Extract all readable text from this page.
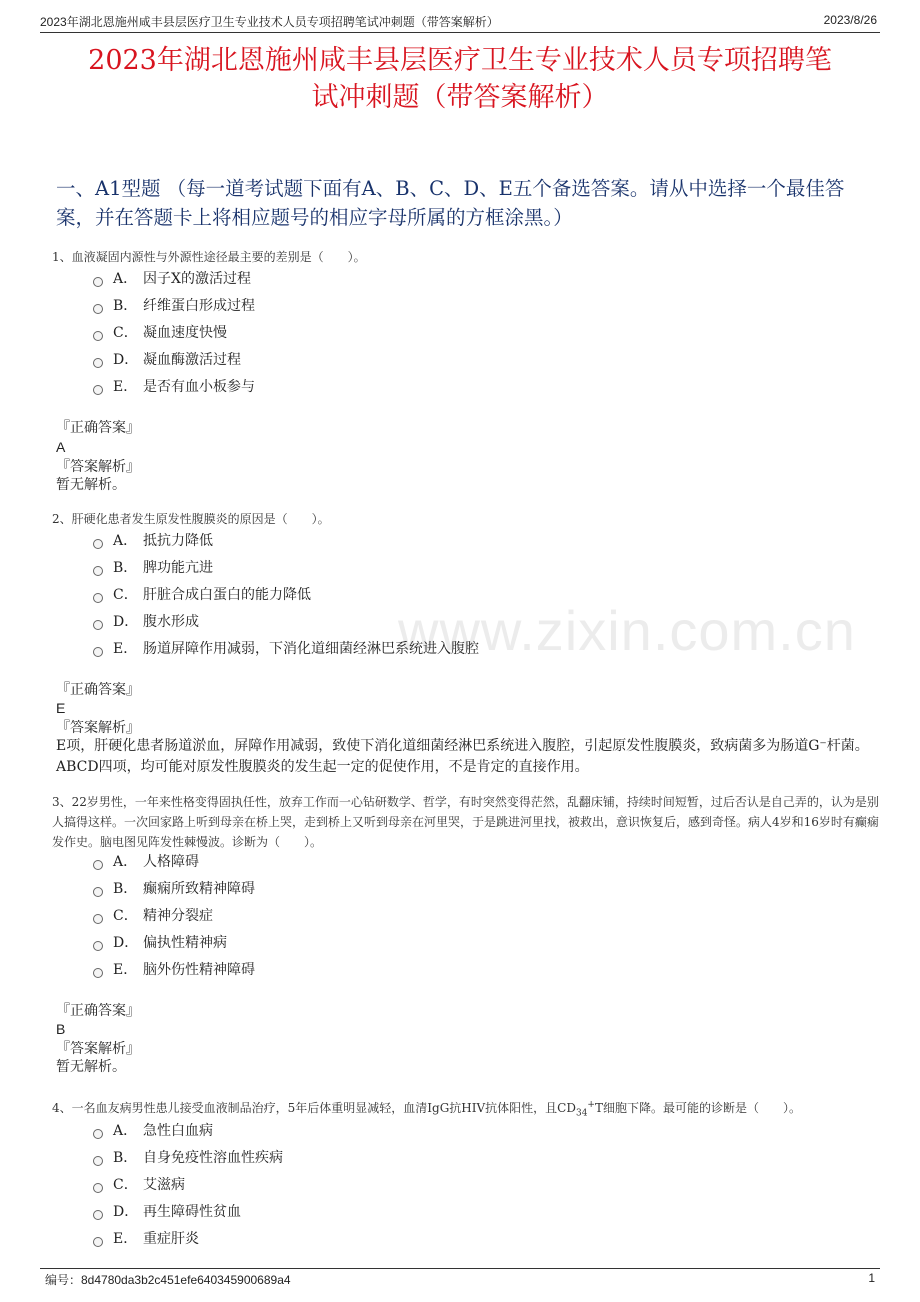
2023年湖北恩施州咸丰县层医疗卫生专业技术人员专项招聘笔试冲刺题（带答案解析）	2023/8/26
www.zixin.com.cn
2023年湖北恩施州咸丰县层医疗卫生专业技术人员专项招聘笔
试冲刺题（带答案解析）
一、A1型题 （每一道考试题下面有A、B、C、D、E五个备选答案。请从中选择一个最佳答案，并在答题卡上将相应题号的相应字母所属的方框涂黑。）
1、血液凝固内源性与外源性途径最主要的差别是（　　）。
A． 因子X的激活过程
B． 纤维蛋白形成过程
C． 凝血速度快慢
D． 凝血酶激活过程
E． 是否有血小板参与
『正确答案』
A
『答案解析』
暂无解析。
2、肝硬化患者发生原发性腹膜炎的原因是（　　）。
A． 抵抗力降低
B． 脾功能亢进
C． 肝脏合成白蛋白的能力降低
D． 腹水形成
E． 肠道屏障作用减弱，下消化道细菌经淋巴系统进入腹腔
『正确答案』
E
『答案解析』
E项，肝硬化患者肠道淤血，屏障作用减弱，致使下消化道细菌经淋巴系统进入腹腔，引起原发性腹膜炎，致病菌多为肠道G⁻杆菌。ABCD四项，均可能对原发性腹膜炎的发生起一定的促使作用，不是肯定的直接作用。
3、22岁男性，一年来性格变得固执任性，放弃工作而一心钻研数学、哲学，有时突然变得茫然，乱翻床铺，持续时间短暂，过后否认是自己弄的，认为是别人搞得这样。一次回家路上听到母亲在桥上哭，走到桥上又听到母亲在河里哭，于是跳进河里找，被救出，意识恢复后，感到奇怪。病人4岁和16岁时有癫痫发作史。脑电图见阵发性棘慢波。诊断为（　　）。
A． 人格障碍
B． 癫痫所致精神障碍
C． 精神分裂症
D． 偏执性精神病
E． 脑外伤性精神障碍
『正确答案』
B
『答案解析』
暂无解析。
4、一名血友病男性患儿接受血液制品治疗，5年后体重明显减轻，血清IgG抗HIV抗体阳性，且$CD_{34}^+T$细胞下降。最可能的诊断是（　　）。
A． 急性白血病
B． 自身免疫性溶血性疾病
C． 艾滋病
D． 再生障碍性贫血
E． 重症肝炎
编号：8d4780da3b2c451efe640345900689a4	1
